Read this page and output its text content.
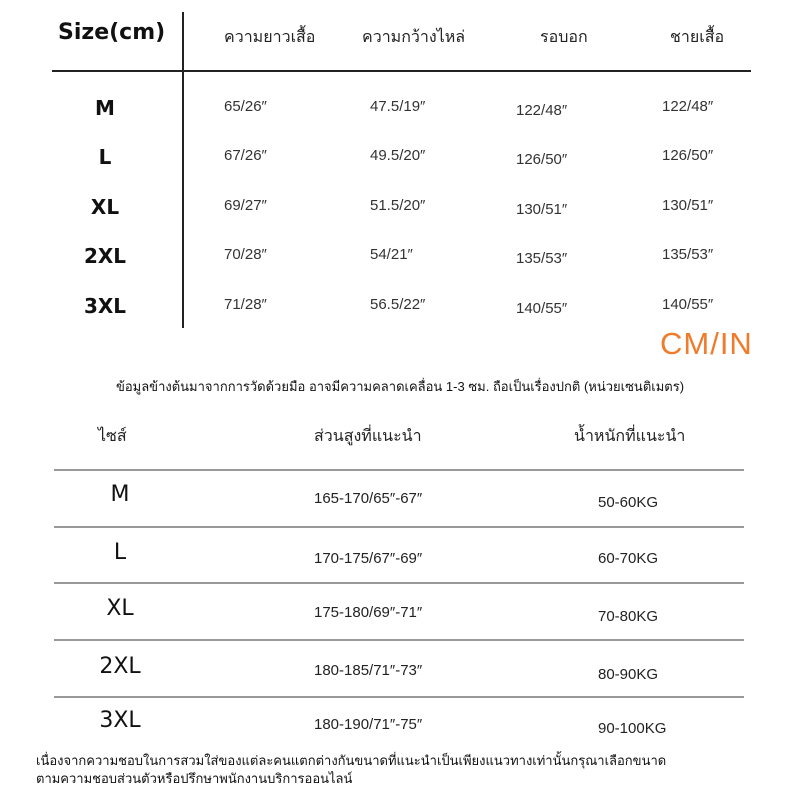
Size(cm)	ความยาวเสื้อ	ความกว้างไหล่	รอบอก	ชายเสื้อ
M	65/26″	47.5/19″	122/48″	122/48″
L	67/26″	49.5/20″	126/50″	126/50″
XL	69/27″	51.5/20″	130/51″	130/51″
2XL	70/28″	54/21″	135/53″	135/53″
3XL	71/28″	56.5/22″	140/55″	140/55″
CM/IN
ข้อมูลข้างต้นมาจากการวัดด้วยมือ อาจมีความคลาดเคลื่อน 1-3 ซม. ถือเป็นเรื่องปกติ (หน่วยเซนติเมตร)
ไซส์	ส่วนสูงที่แนะนำ	น้ำหนักที่แนะนำ
M	165-170/65″-67″	50-60KG
L	170-175/67″-69″	60-70KG
XL	175-180/69″-71″	70-80KG
2XL	180-185/71″-73″	80-90KG
3XL	180-190/71″-75″	90-100KG
เนื่องจากความชอบในการสวมใส่ของแต่ละคนแตกต่างกันขนาดที่แนะนำเป็นเพียงแนวทางเท่านั้นกรุณาเลือกขนาด
ตามความชอบส่วนตัวหรือปรึกษาพนักงานบริการออนไลน์
